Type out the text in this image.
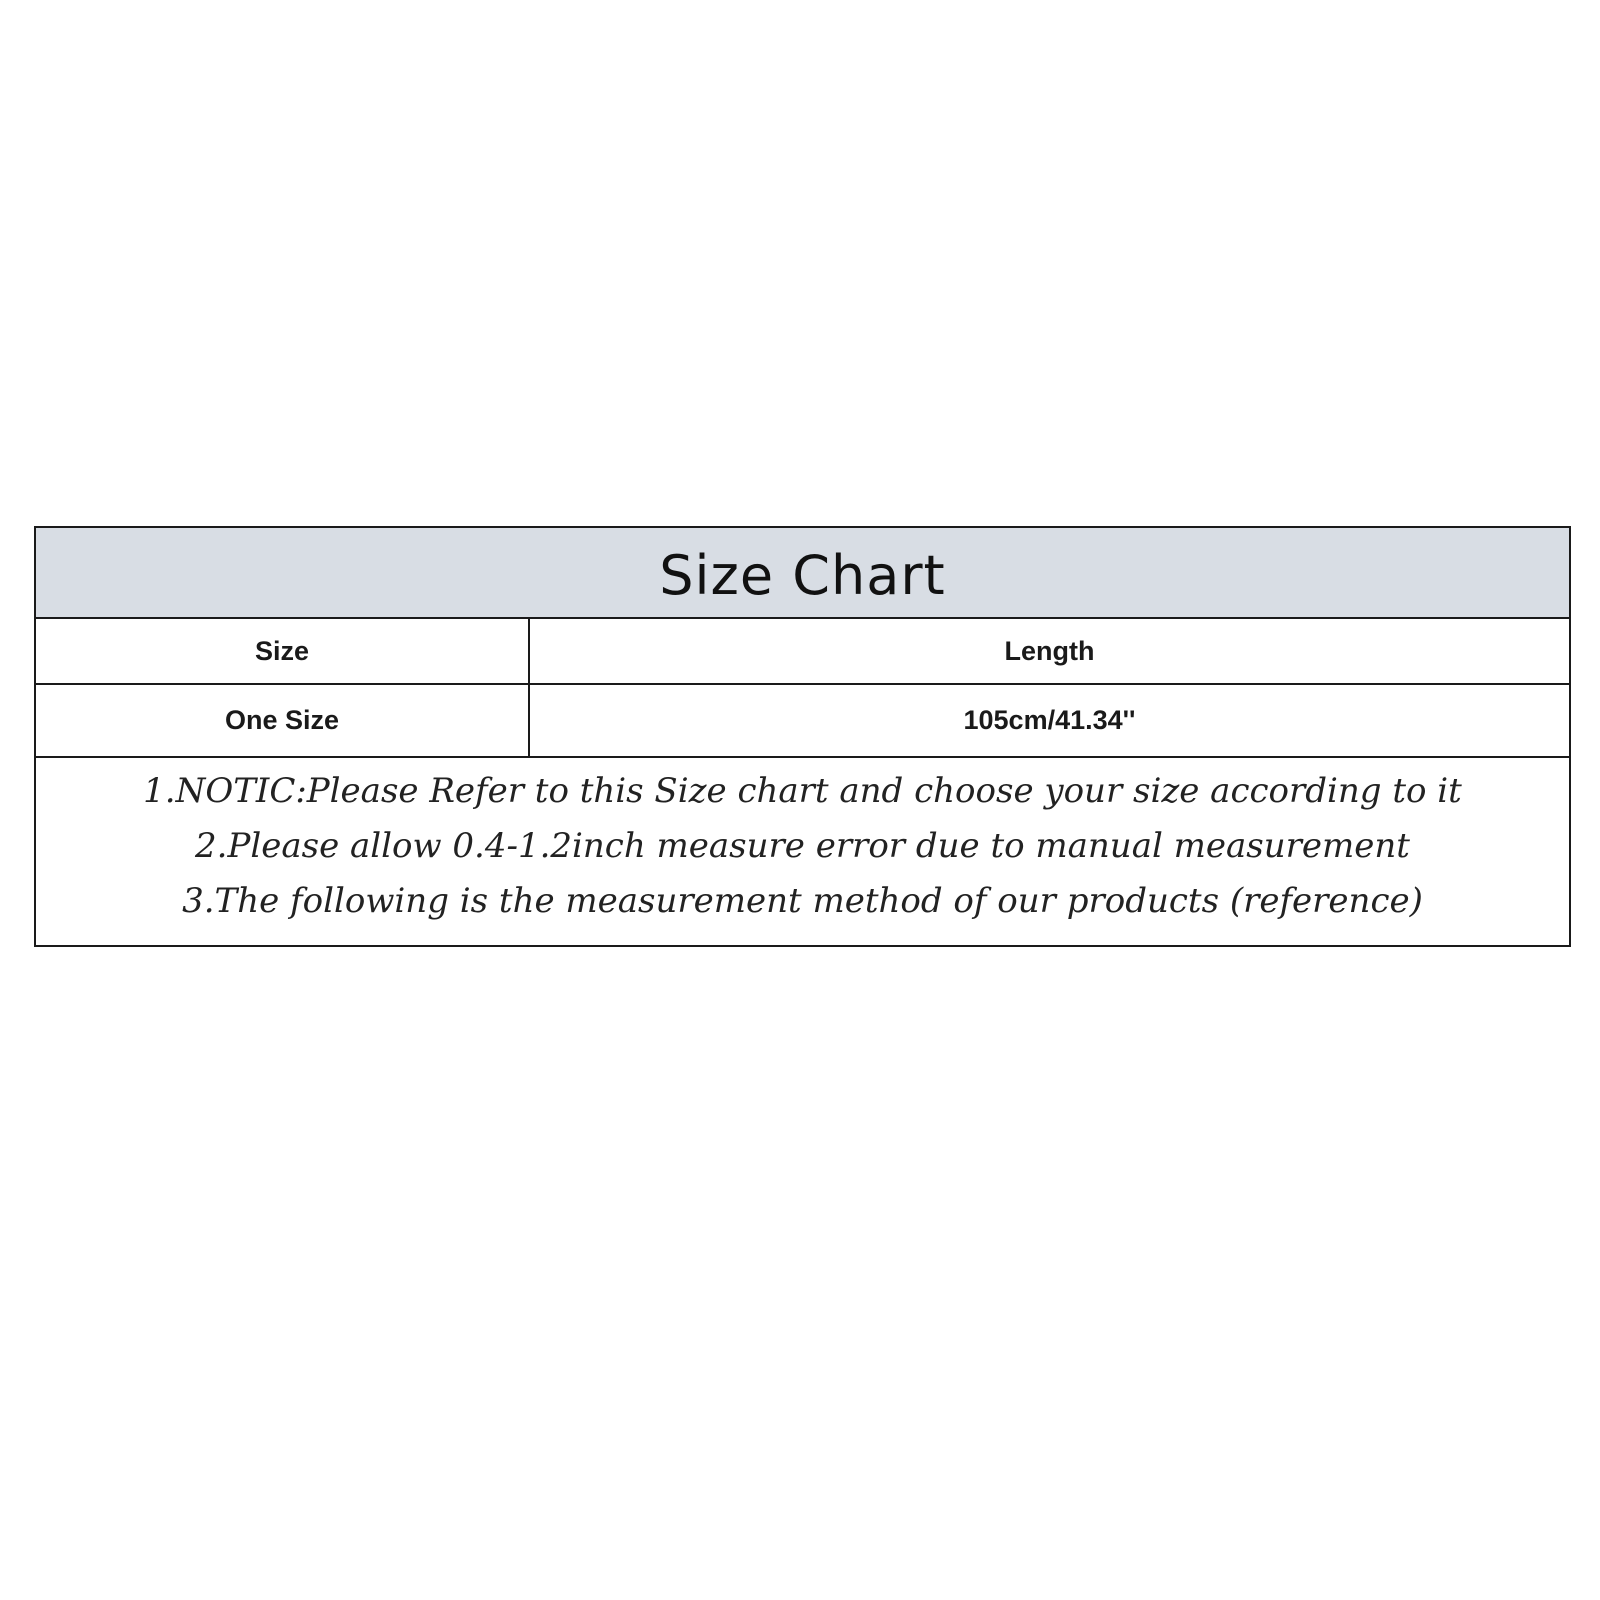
Size Chart
Size	Length
One Size	105cm/41.34''
1.NOTIC:Please Refer to this Size chart and choose your size according to it
2.Please allow 0.4-1.2inch measure error due to manual measurement
3.The following is the measurement method of our products (reference)
